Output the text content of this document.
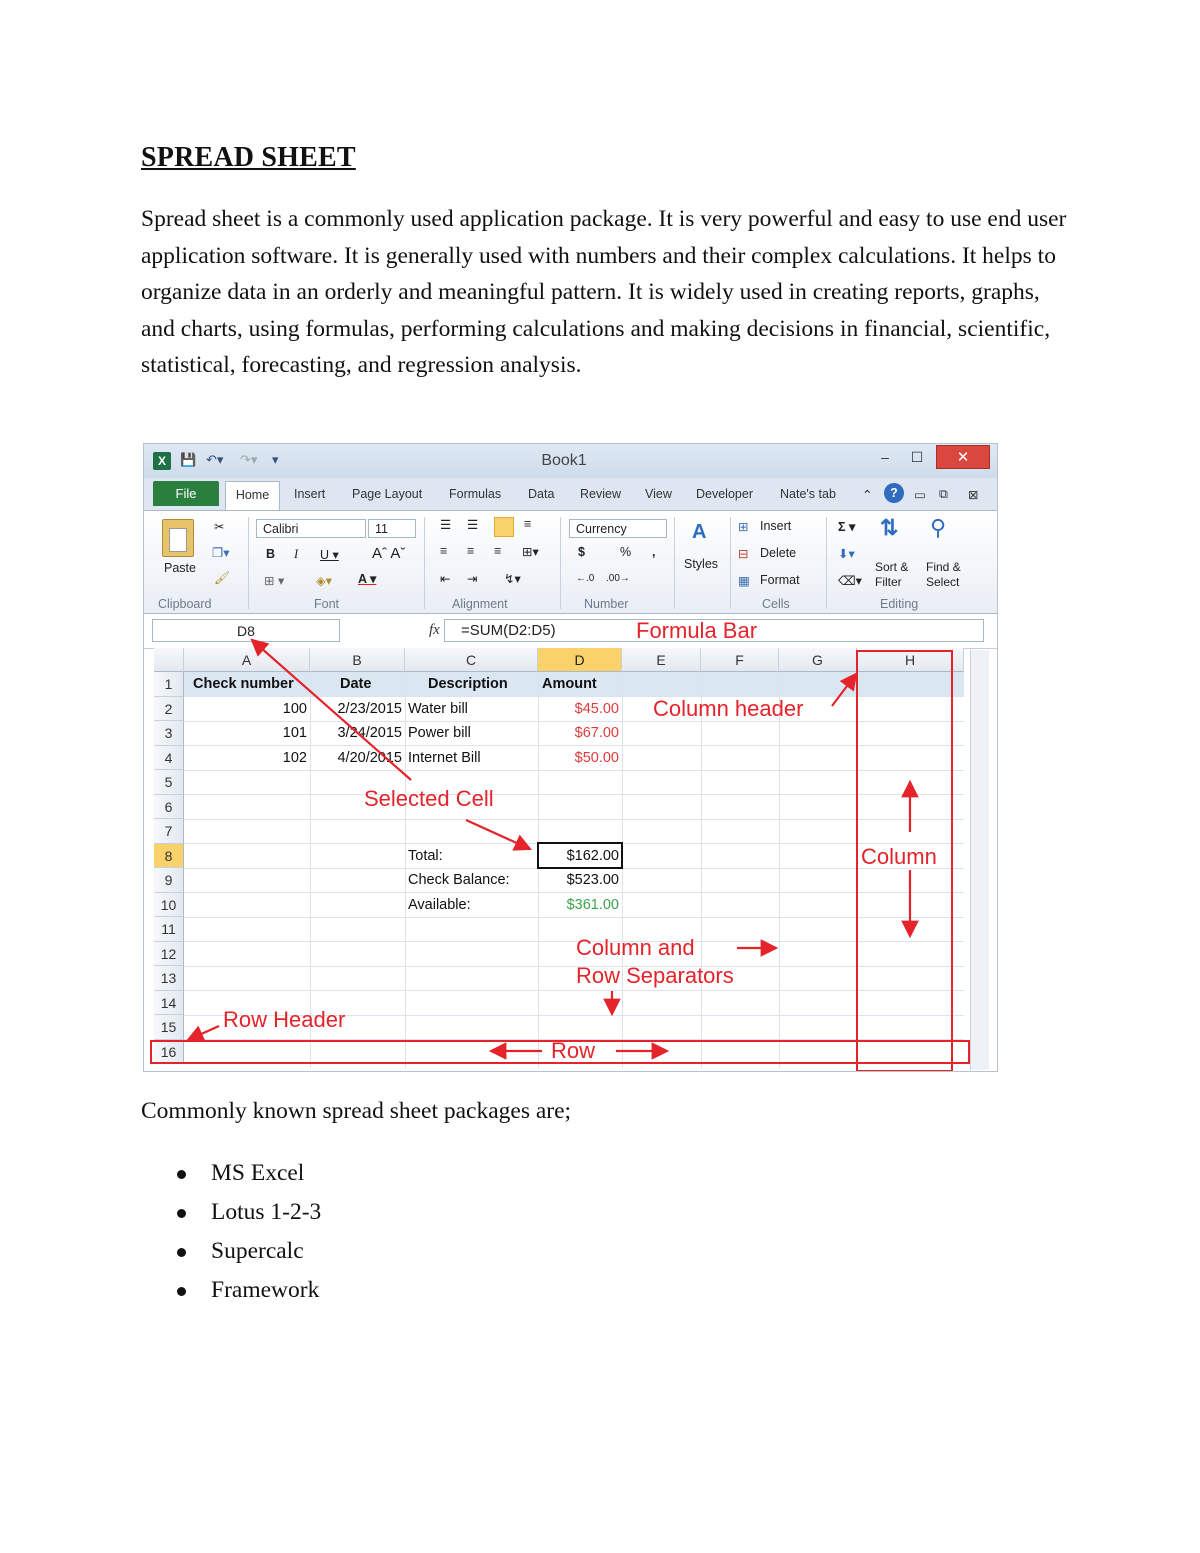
SPREAD SHEET
Spread sheet is a commonly used application package. It is very powerful and easy to use end user application software. It is generally used with numbers and their complex calculations. It helps to organize data in an orderly and meaningful pattern. It is widely used in creating reports, graphs, and charts, using formulas, performing calculations and making decisions in financial, scientific, statistical, forecasting, and regression analysis.
X	💾 ↶▾ ↷▾ ▾	Book1	–	☐	✕
File	Home	Insert Page Layout Formulas Data Review View Developer Nate's tab ⌃	?	▭ ⧉ ⊠
Paste
✂
❐▾
🖌
Clipboard
Calibri	11
B I U ▾ Aˆ Aˇ
⊞ ▾	◈▾ A ▾
Font
☰ ☰	≡
≡ ≡ ≡ ⊞▾
⇤ ⇥ ↯▾
Alignment
Currency
$	% ,
←.0 .00→
Number
A
Styles
⊞ Insert
⊟ Delete
▦ Format
Cells
Σ ▾
⬇▾
⌫▾
⇅
Sort &
Filter
⚲
Find &
Select
Editing
D8	fx	=SUM(D2:D5)
A	B	C	D	E	F	G	H
1
2
3
4
5
6
7
8
9
10
11
12
13
14
15
16
Check number	Date	Description Amount
100	2/23/2015 Water bill	$45.00
101	3/24/2015 Power bill	$67.00
102	4/20/2015 Internet Bill	$50.00
Total:	$162.00
Check Balance:	$523.00
Available:	$361.00
Formula Bar
Column header
Selected Cell
Column
Column and
Row Separators
Row Header
Row
Commonly known spread sheet packages are;
MS Excel
Lotus 1-2-3
Supercalc
Framework
